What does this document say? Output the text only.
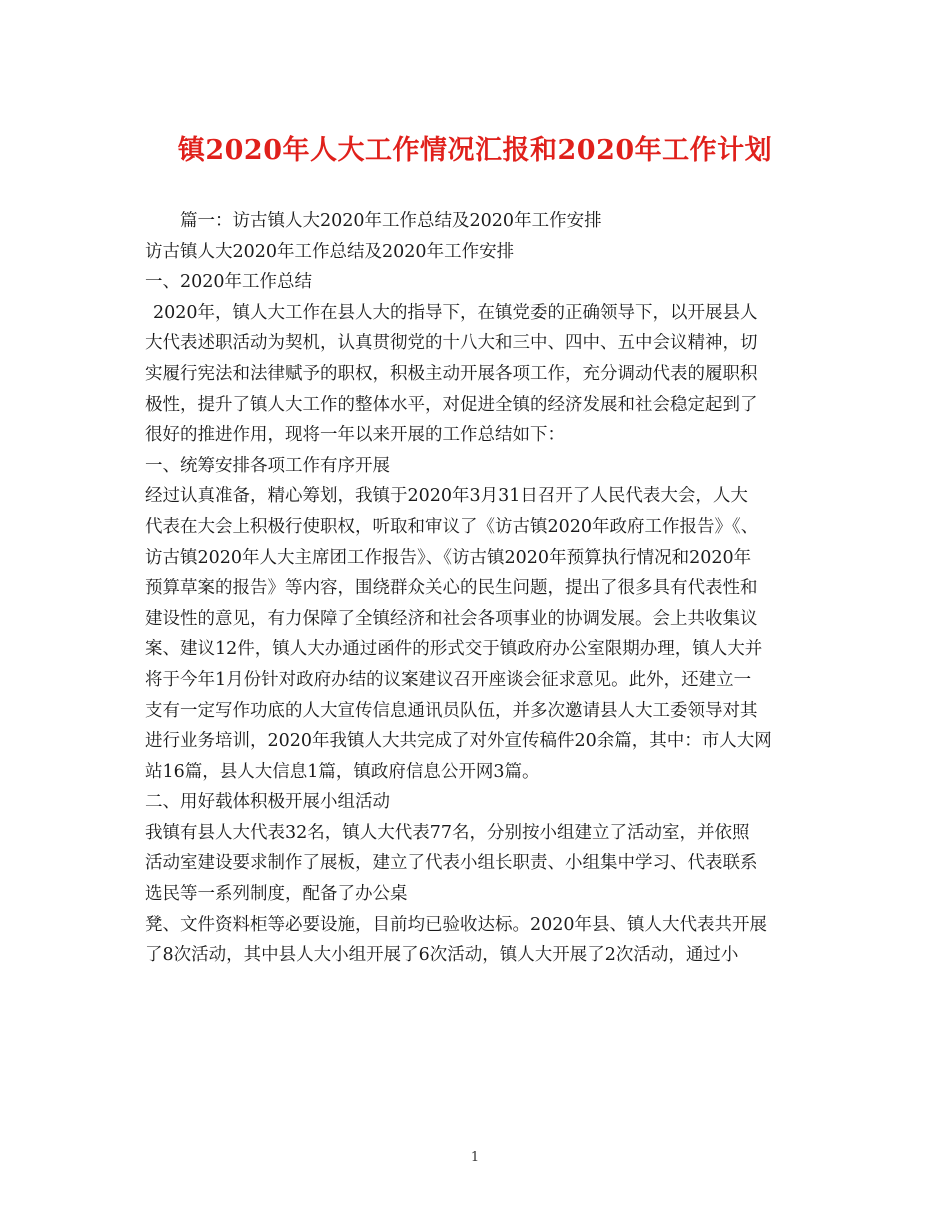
镇2020年人大工作情况汇报和2020年工作计划
篇一：访古镇人大2020年工作总结及2020年工作安排
访古镇人大2020年工作总结及2020年工作安排
一、2020年工作总结
2020年，镇人大工作在县人大的指导下，在镇党委的正确领导下，以开展县人
大代表述职活动为契机，认真贯彻党的十八大和三中、四中、五中会议精神，切
实履行宪法和法律赋予的职权，积极主动开展各项工作，充分调动代表的履职积
极性，提升了镇人大工作的整体水平，对促进全镇的经济发展和社会稳定起到了
很好的推进作用，现将一年以来开展的工作总结如下：
一、统筹安排各项工作有序开展
经过认真准备，精心筹划，我镇于2020年3月31日召开了人民代表大会，人大
代表在大会上积极行使职权，听取和审议了《访古镇2020年政府工作报告》《、
访古镇2020年人大主席团工作报告》、《访古镇2020年预算执行情况和2020年
预算草案的报告》等内容，围绕群众关心的民生问题，提出了很多具有代表性和
建设性的意见，有力保障了全镇经济和社会各项事业的协调发展。会上共收集议
案、建议12件，镇人大办通过函件的形式交于镇政府办公室限期办理，镇人大并
将于今年1月份针对政府办结的议案建议召开座谈会征求意见。此外，还建立一
支有一定写作功底的人大宣传信息通讯员队伍，并多次邀请县人大工委领导对其
进行业务培训，2020年我镇人大共完成了对外宣传稿件20余篇，其中：市人大网
站16篇，县人大信息1篇，镇政府信息公开网3篇。
二、用好载体积极开展小组活动
我镇有县人大代表32名，镇人大代表77名，分别按小组建立了活动室，并依照
活动室建设要求制作了展板，建立了代表小组长职责、小组集中学习、代表联系
选民等一系列制度，配备了办公桌
凳、文件资料柜等必要设施，目前均已验收达标。2020年县、镇人大代表共开展
了8次活动，其中县人大小组开展了6次活动，镇人大开展了2次活动，通过小
1
